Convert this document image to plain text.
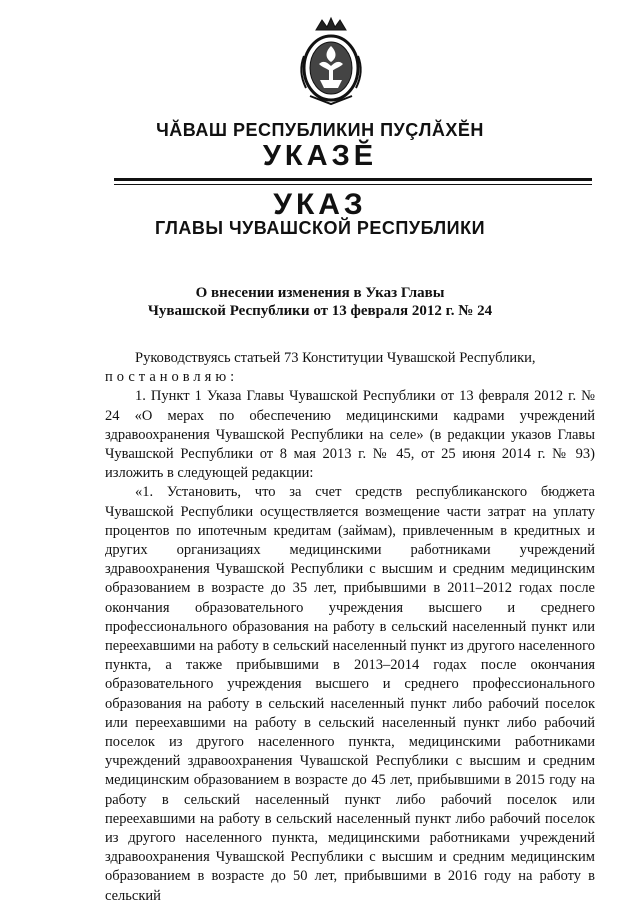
ЧĂВАШ РЕСПУБЛИКИН ПУÇЛĂХĔН
УКАЗĔ
УКАЗ
ГЛАВЫ ЧУВАШСКОЙ РЕСПУБЛИКИ
О внесении изменения в Указ Главы
Чувашской Республики от 13 февраля 2012 г. № 24

Руководствуясь статьей 73 Конституции Чувашской Республики,

постановляю:

1. Пункт 1 Указа Главы Чувашской Республики от 13 февраля 2012 г. № 24 «О мерах по обеспечению медицинскими кадрами учреждений здравоохранения Чувашской Республики на селе» (в редакции указов Главы Чувашской Республики от 8 мая 2013 г. № 45, от 25 июня 2014 г. № 93) изложить в следующей редакции:

«1. Установить, что за счет средств республиканского бюджета Чувашской Республики осуществляется возмещение части затрат на уплату процентов по ипотечным кредитам (займам), привлеченным в кредитных и других организациях медицинскими работниками учреждений здравоохранения Чувашской Республики с высшим и средним медицинским образованием в возрасте до 35 лет, прибывшими в 2011–2012 годах после окончания образовательного учреждения высшего и среднего профессионального образования на работу в сельский населенный пункт или переехавшими на работу в сельский населенный пункт из другого населенного пункта, а также прибывшими в 2013–2014 годах после окончания образовательного учреждения высшего и среднего профессионального образования на работу в сельский населенный пункт либо рабочий поселок или переехавшими на работу в сельский населенный пункт либо рабочий поселок из другого населенного пункта, медицинскими работниками учреждений здравоохранения Чувашской Республики с высшим и средним медицинским образованием в возрасте до 45 лет, прибывшими в 2015 году на работу в сельский населенный пункт либо рабочий поселок или переехавшими на работу в сельский населенный пункт либо рабочий поселок из другого населенного пункта, медицинскими работниками учреждений здравоохранения Чувашской Республики с высшим и средним медицинским образованием в возрасте до 50 лет, прибывшими в 2016 году на работу в сельский
